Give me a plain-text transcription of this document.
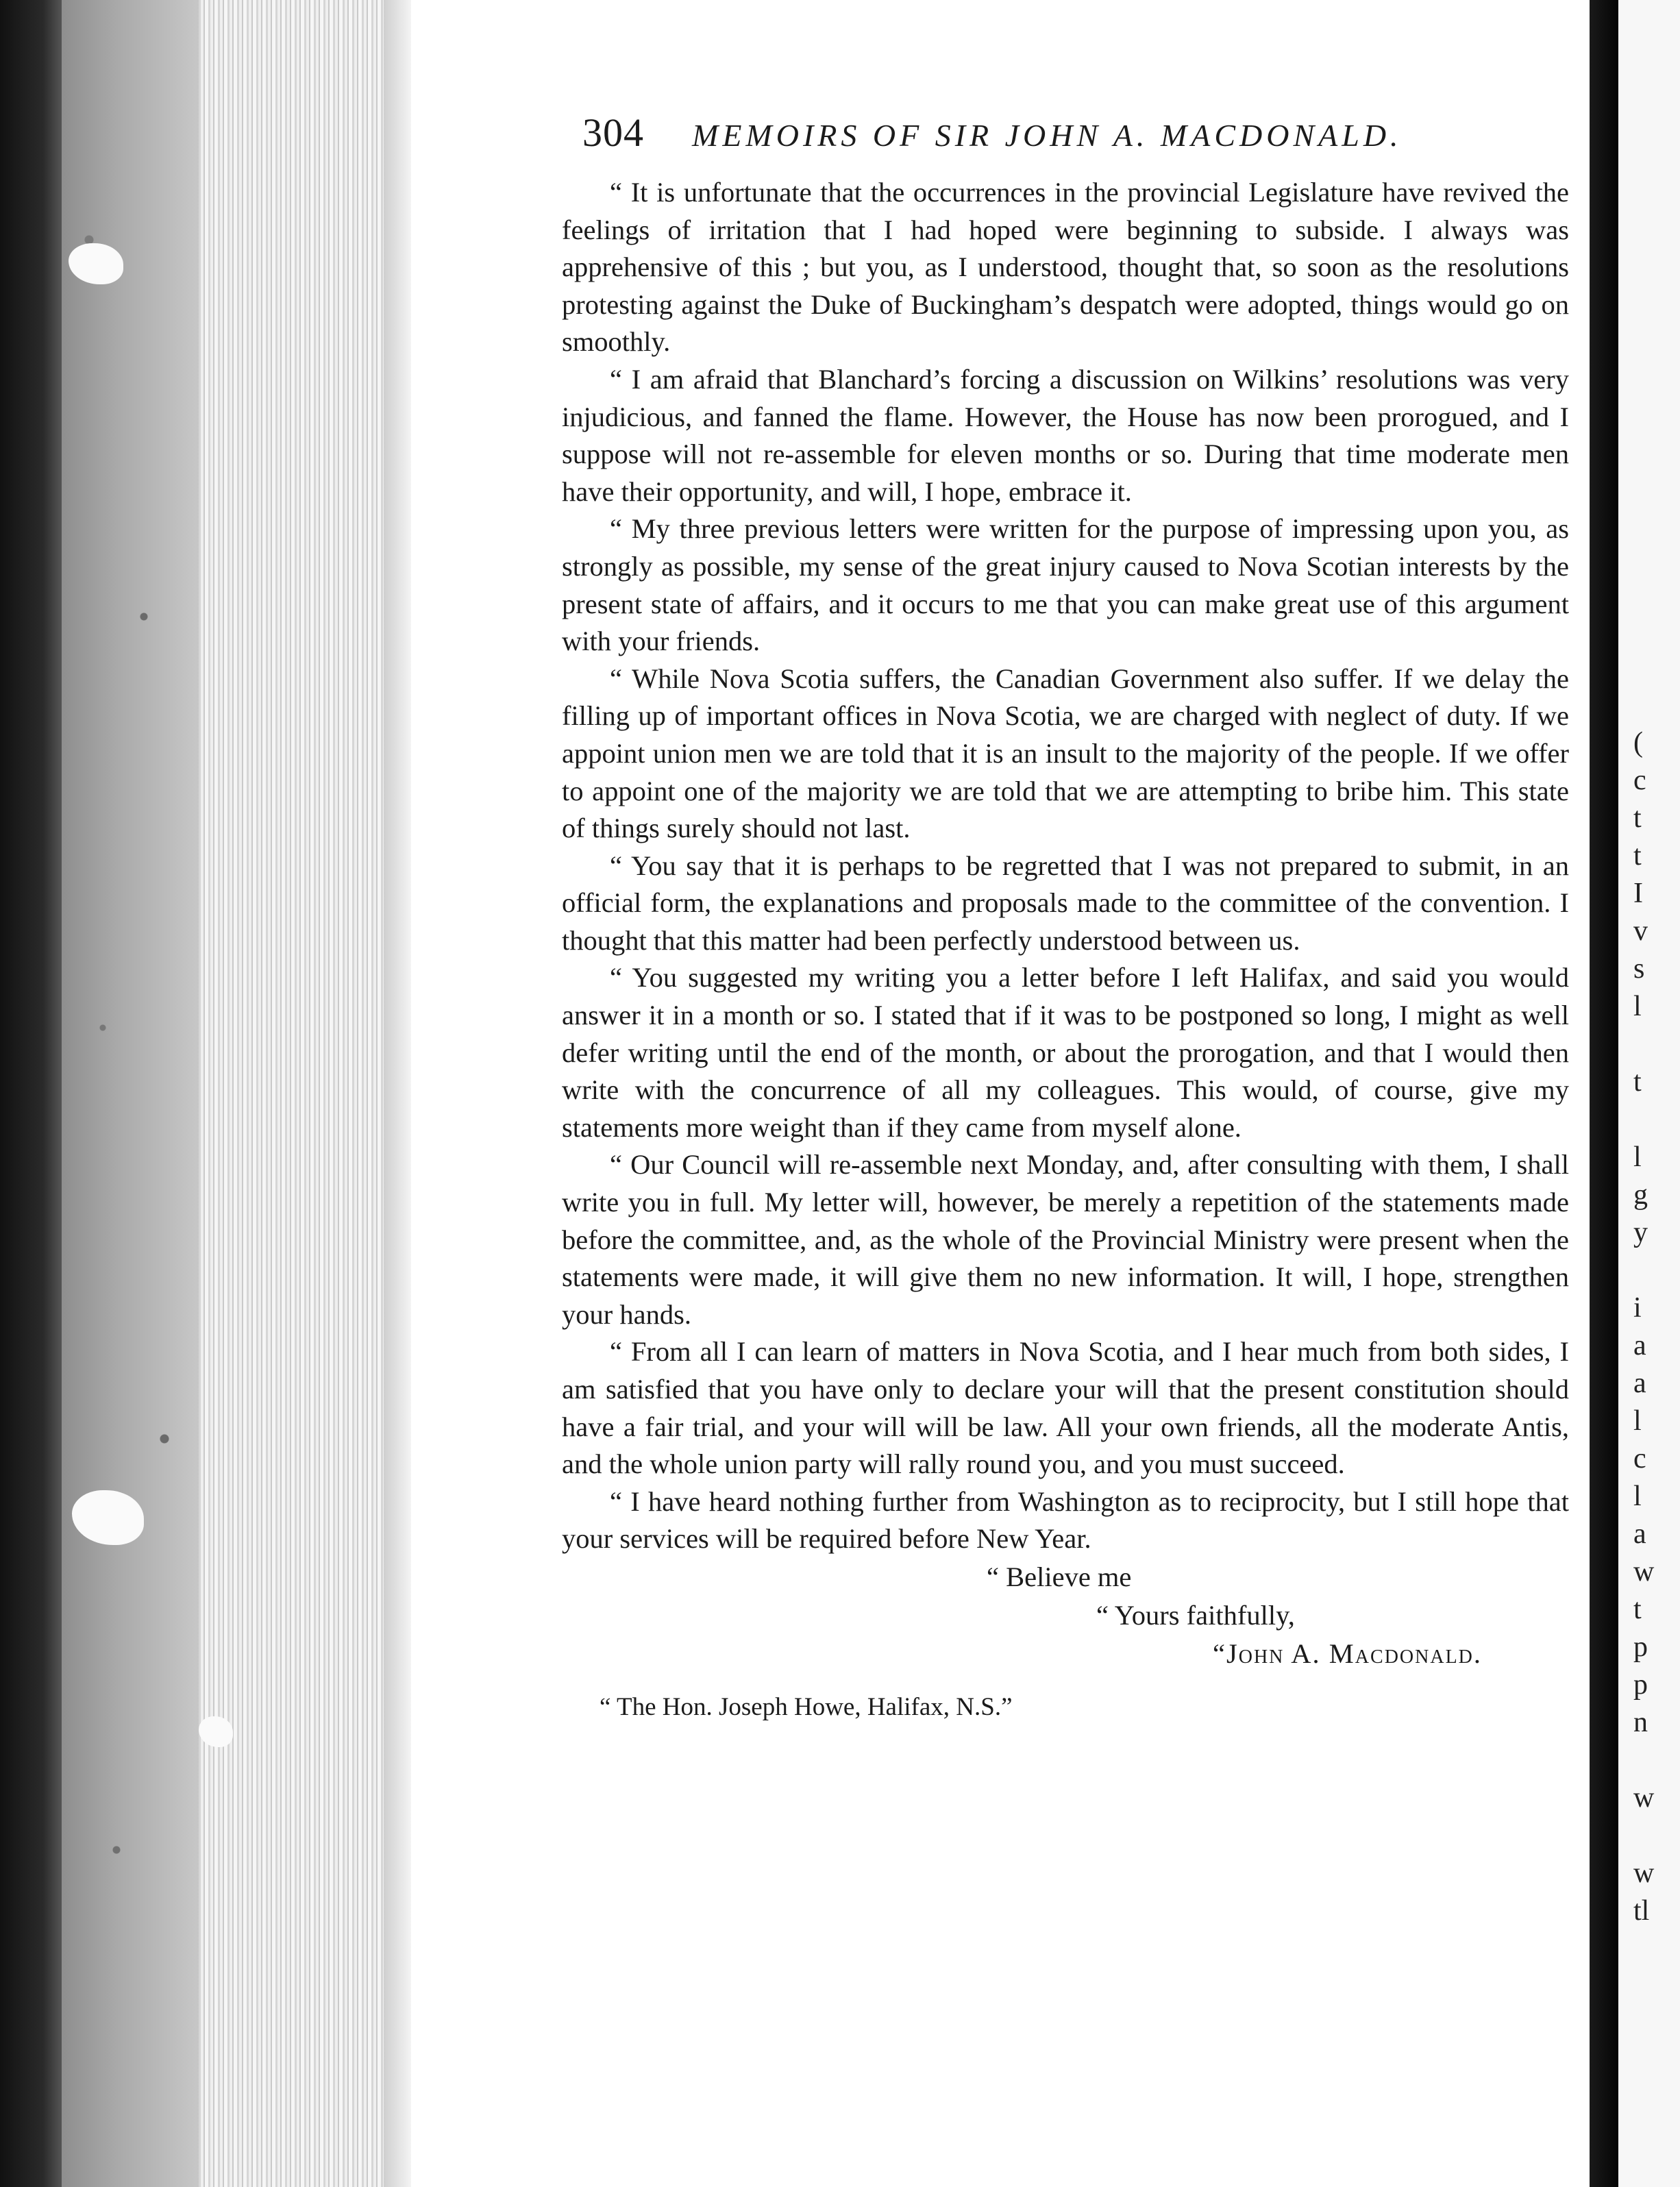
304 MEMOIRS OF SIR JOHN A. MACDONALD.

“ It is unfortunate that the occurrences in the provincial Legislature have revived the feelings of irritation that I had hoped were beginning to subside. I always was apprehensive of this ; but you, as I understood, thought that, so soon as the resolutions protesting against the Duke of Buckingham’s despatch were adopted, things would go on smoothly.

“ I am afraid that Blanchard’s forcing a discussion on Wilkins’ resolutions was very injudicious, and fanned the flame. However, the House has now been prorogued, and I suppose will not re-assemble for eleven months or so. During that time moderate men have their opportunity, and will, I hope, embrace it.

“ My three previous letters were written for the purpose of impressing upon you, as strongly as possible, my sense of the great injury caused to Nova Scotian interests by the present state of affairs, and it occurs to me that you can make great use of this argument with your friends.

“ While Nova Scotia suffers, the Canadian Government also suffer. If we delay the filling up of important offices in Nova Scotia, we are charged with neglect of duty. If we appoint union men we are told that it is an insult to the majority of the people. If we offer to appoint one of the majority we are told that we are attempting to bribe him. This state of things surely should not last.

“ You say that it is perhaps to be regretted that I was not prepared to submit, in an official form, the explanations and proposals made to the committee of the convention. I thought that this matter had been perfectly understood between us.

“ You suggested my writing you a letter before I left Halifax, and said you would answer it in a month or so. I stated that if it was to be postponed so long, I might as well defer writing until the end of the month, or about the prorogation, and that I would then write with the concurrence of all my colleagues. This would, of course, give my statements more weight than if they came from myself alone.

“ Our Council will re-assemble next Monday, and, after consulting with them, I shall write you in full. My letter will, however, be merely a repetition of the statements made before the committee, and, as the whole of the Provincial Ministry were present when the statements were made, it will give them no new information. It will, I hope, strengthen your hands.

“ From all I can learn of matters in Nova Scotia, and I hear much from both sides, I am satisfied that you have only to declare your will that the present constitution should have a fair trial, and your will will be law. All your own friends, all the moderate Antis, and the whole union party will rally round you, and you must succeed.

“ I have heard nothing further from Washington as to reciprocity, but I still hope that your services will be required before New Year.

“ Believe me

“ Yours faithfully,

“John A. Macdonald.

“ The Hon. Joseph Howe, Halifax, N.S.”

(
c
t
t
I
v
s
l
t
l
g
y
i
a
a
l
c
l
a
w
t
p
p
n
w
w
tl
